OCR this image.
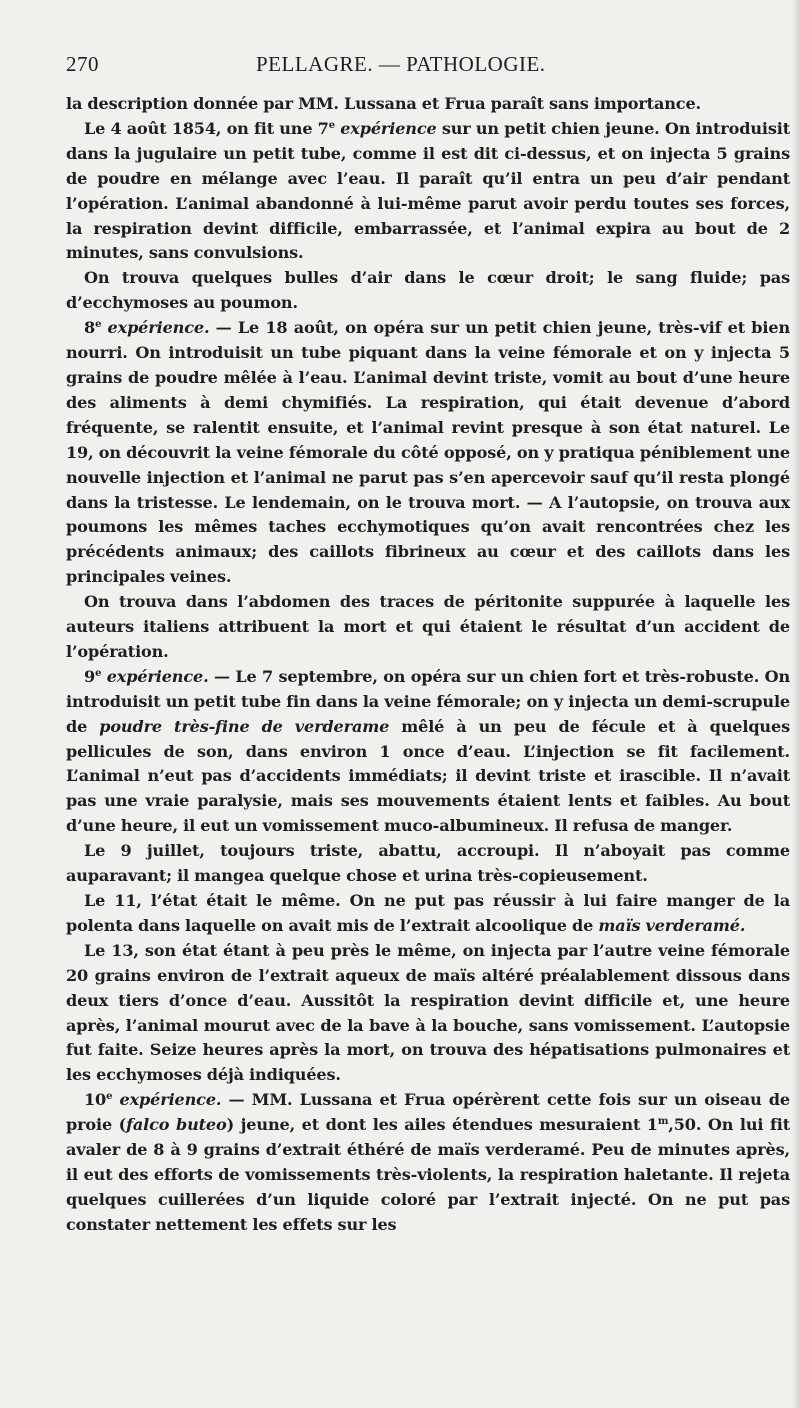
270	PELLAGRE. — PATHOLOGIE.

la description donnée par MM. Lussana et Frua paraît sans importance.

Le 4 août 1854, on fit une 7e expérience sur un petit chien jeune. On introduisit dans la jugulaire un petit tube, comme il est dit ci-dessus, et on injecta 5 grains de poudre en mélange avec l’eau. Il paraît qu’il entra un peu d’air pendant l’opération. L’animal abandonné à lui-même parut avoir perdu toutes ses forces, la respiration devint difficile, embarrassée, et l’animal expira au bout de 2 minutes, sans convulsions.

On trouva quelques bulles d’air dans le cœur droit; le sang fluide; pas d’ecchymoses au poumon.

8e expérience. — Le 18 août, on opéra sur un petit chien jeune, très-vif et bien nourri. On introduisit un tube piquant dans la veine fémorale et on y injecta 5 grains de poudre mêlée à l’eau. L’animal devint triste, vomit au bout d’une heure des aliments à demi chymifiés. La respiration, qui était devenue d’abord fréquente, se ralentit ensuite, et l’animal revint presque à son état naturel. Le 19, on découvrit la veine fémorale du côté opposé, on y pratiqua péniblement une nouvelle injection et l’animal ne parut pas s’en apercevoir sauf qu’il resta plongé dans la tristesse. Le lendemain, on le trouva mort. — A l’autopsie, on trouva aux poumons les mêmes taches ecchymotiques qu’on avait rencontrées chez les précédents animaux; des caillots fibrineux au cœur et des caillots dans les principales veines.

On trouva dans l’abdomen des traces de péritonite suppurée à laquelle les auteurs italiens attribuent la mort et qui étaient le résultat d’un accident de l’opération.

9e expérience. — Le 7 septembre, on opéra sur un chien fort et très-robuste. On introduisit un petit tube fin dans la veine fémorale; on y injecta un demi-scrupule de poudre très-fine de verderame mêlé à un peu de fécule et à quelques pellicules de son, dans environ 1 once d’eau. L’injection se fit facilement. L’animal n’eut pas d’accidents immédiats; il devint triste et irascible. Il n’avait pas une vraie paralysie, mais ses mouvements étaient lents et faibles. Au bout d’une heure, il eut un vomissement muco-albumineux. Il refusa de manger.

Le 9 juillet, toujours triste, abattu, accroupi. Il n’aboyait pas comme auparavant; il mangea quelque chose et urina très-copieusement.

Le 11, l’état était le même. On ne put pas réussir à lui faire manger de la polenta dans laquelle on avait mis de l’extrait alcoolique de maïs verderamé.

Le 13, son état étant à peu près le même, on injecta par l’autre veine fémorale 20 grains environ de l’extrait aqueux de maïs altéré préalablement dissous dans deux tiers d’once d’eau. Aussitôt la respiration devint difficile et, une heure après, l’animal mourut avec de la bave à la bouche, sans vomissement. L’autopsie fut faite. Seize heures après la mort, on trouva des hépatisations pulmonaires et les ecchymoses déjà indiquées.

10e expérience. — MM. Lussana et Frua opérèrent cette fois sur un oiseau de proie (falco buteo) jeune, et dont les ailes étendues mesuraient 1$^m$,50. On lui fit avaler de 8 à 9 grains d’extrait éthéré de maïs verderamé. Peu de minutes après, il eut des efforts de vomissements très-violents, la respiration haletante. Il rejeta quelques cuillerées d’un liquide coloré par l’extrait injecté. On ne put pas constater nettement les effets sur les
